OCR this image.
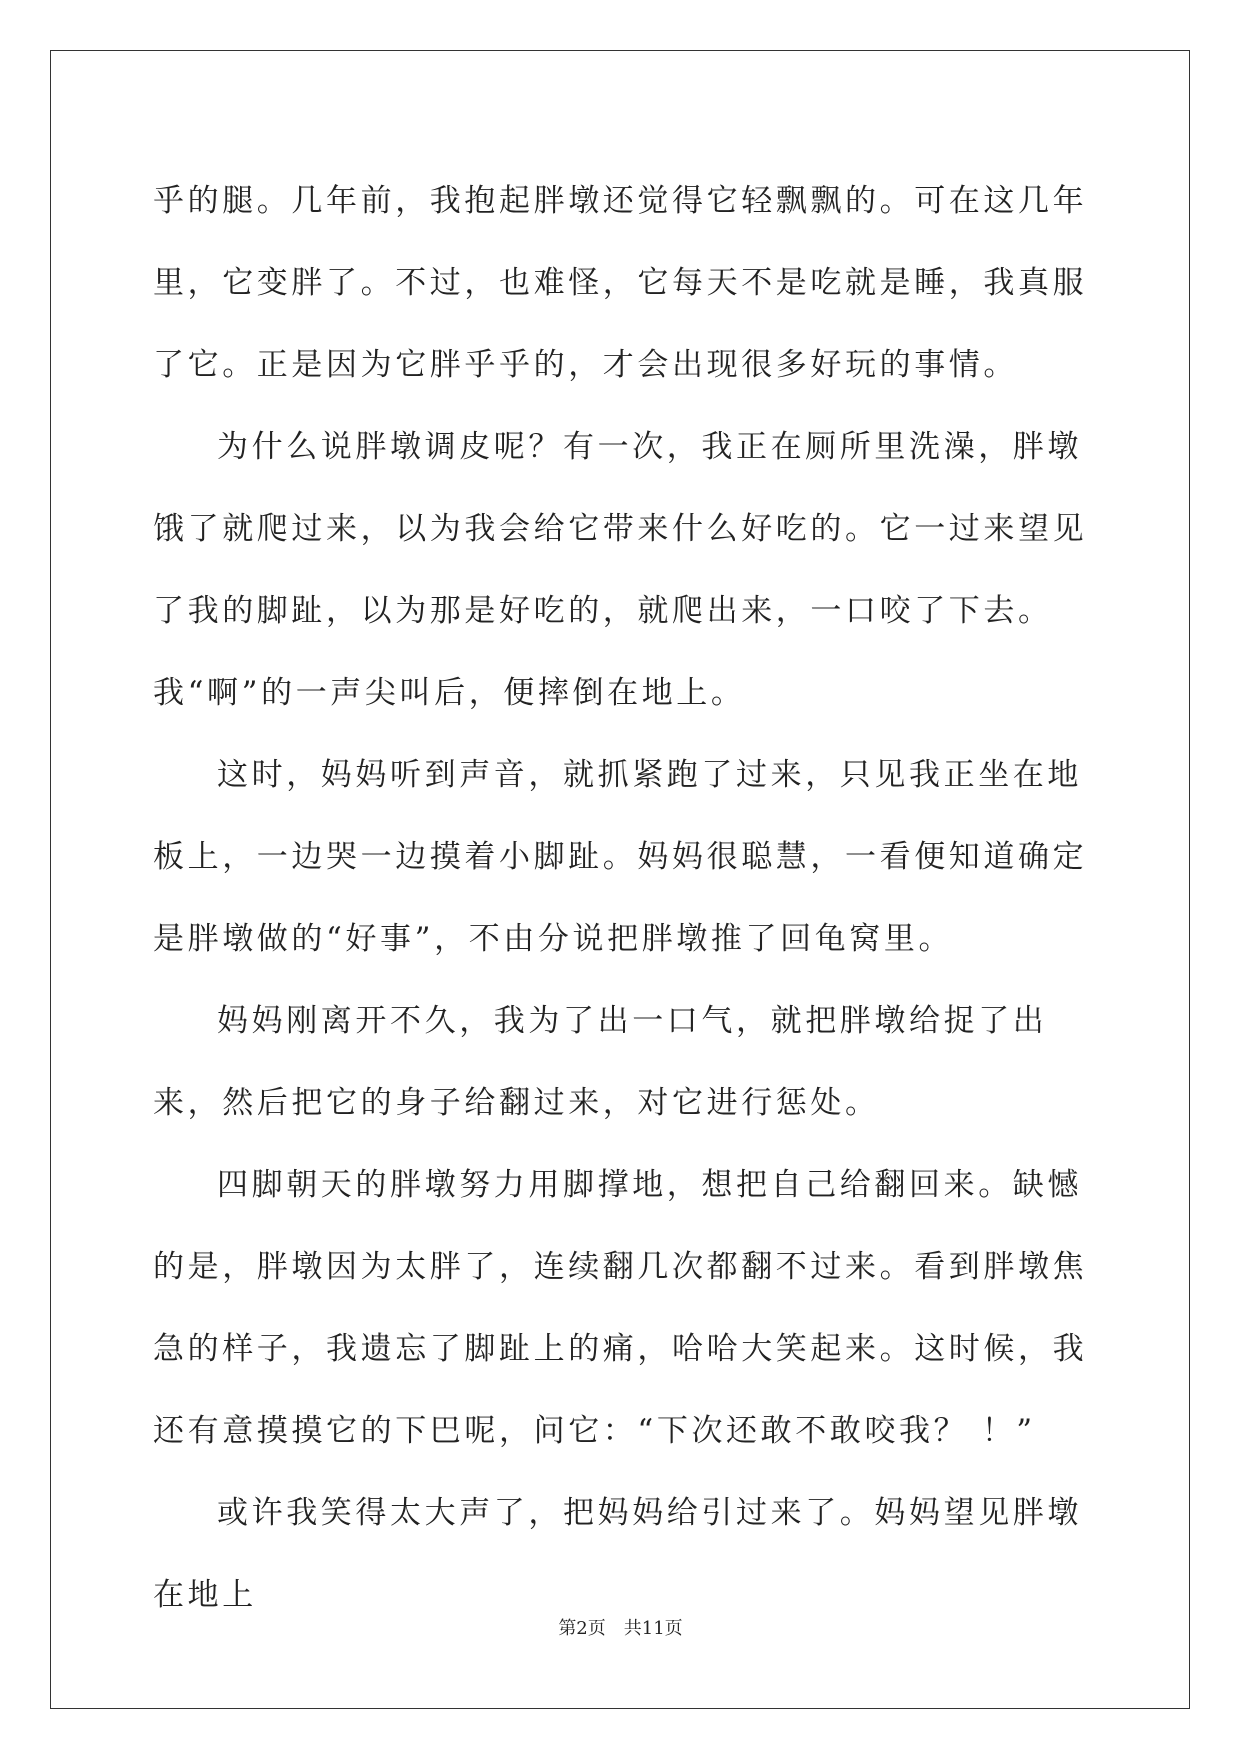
乎的腿。几年前，我抱起胖墩还觉得它轻飘飘的。可在这几年里，它变胖了。不过，也难怪，它每天不是吃就是睡，我真服了它。正是因为它胖乎乎的，才会出现很多好玩的事情。

为什么说胖墩调皮呢？有一次，我正在厕所里洗澡，胖墩饿了就爬过来，以为我会给它带来什么好吃的。它一过来望见了我的脚趾，以为那是好吃的，就爬出来，一口咬了下去。我“啊”的一声尖叫后，便摔倒在地上。

这时，妈妈听到声音，就抓紧跑了过来，只见我正坐在地板上，一边哭一边摸着小脚趾。妈妈很聪慧，一看便知道确定是胖墩做的“好事”，不由分说把胖墩推了回龟窝里。

妈妈刚离开不久，我为了出一口气，就把胖墩给捉了出来，然后把它的身子给翻过来，对它进行惩处。

四脚朝天的胖墩努力用脚撑地，想把自己给翻回来。缺憾的是，胖墩因为太胖了，连续翻几次都翻不过来。看到胖墩焦急的样子，我遗忘了脚趾上的痛，哈哈大笑起来。这时候，我还有意摸摸它的下巴呢，问它：“下次还敢不敢咬我？ ！”

或许我笑得太大声了，把妈妈给引过来了。妈妈望见胖墩在地上

第2页 共11页
